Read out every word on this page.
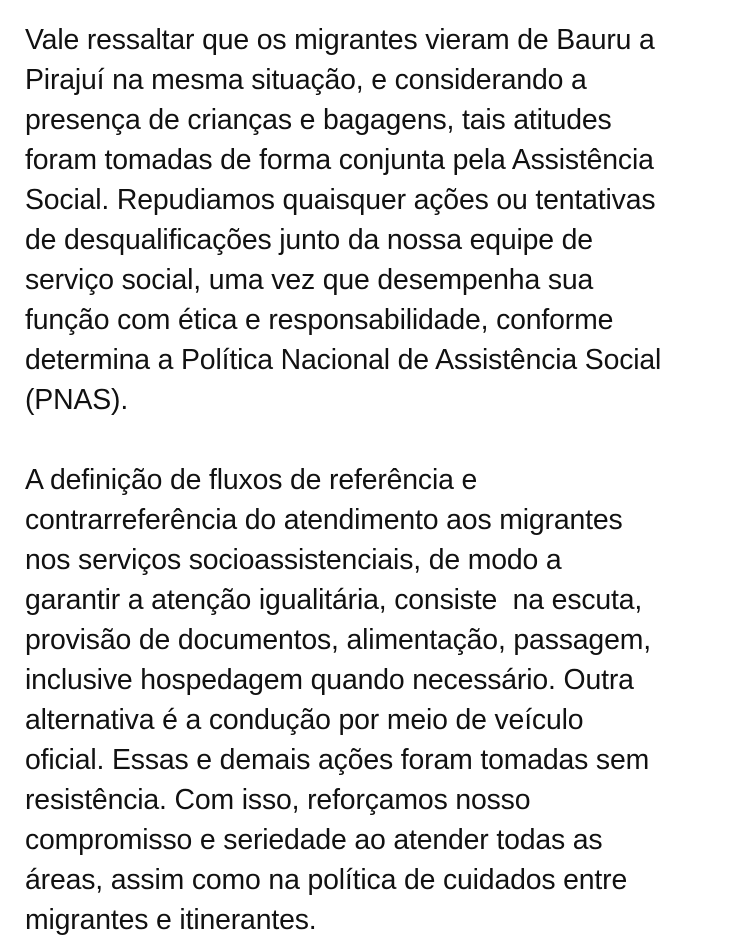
Vale ressaltar que os migrantes vieram de Bauru a
Pirajuí na mesma situação, e considerando a
presença de crianças e bagagens, tais atitudes
foram tomadas de forma conjunta pela Assistência
Social. Repudiamos quaisquer ações ou tentativas
de desqualificações junto da nossa equipe de
serviço social, uma vez que desempenha sua
função com ética e responsabilidade, conforme
determina a Política Nacional de Assistência Social
(PNAS).

A definição de fluxos de referência e
contrarreferência do atendimento aos migrantes
nos serviços socioassistenciais, de modo a
garantir a atenção igualitária, consiste  na escuta,
provisão de documentos, alimentação, passagem,
inclusive hospedagem quando necessário. Outra
alternativa é a condução por meio de veículo
oficial. Essas e demais ações foram tomadas sem
resistência. Com isso, reforçamos nosso
compromisso e seriedade ao atender todas as
áreas, assim como na política de cuidados entre
migrantes e itinerantes.
